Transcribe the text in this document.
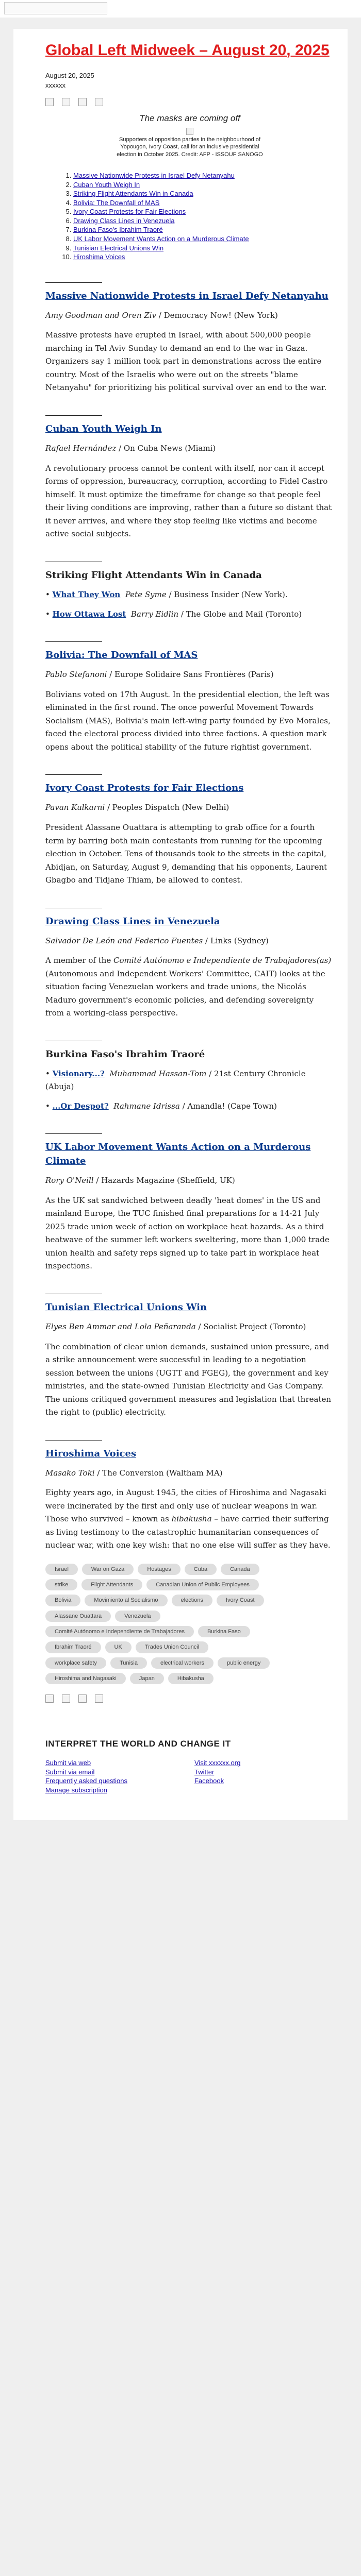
Global Left Midweek – August 20, 2025
August 20, 2025
xxxxxx
The masks are coming off
Supporters of opposition parties in the neighbourhood of Yopougon, Ivory Coast, call for an inclusive presidential election in October 2025. Credit: AFP - ISSOUF SANOGO
1. Massive Nationwide Protests in Israel Defy Netanyahu
2. Cuban Youth Weigh In
3. Striking Flight Attendants Win in Canada
4. Bolivia: The Downfall of MAS
5. Ivory Coast Protests for Fair Elections
6. Drawing Class Lines in Venezuela
7. Burkina Faso's Ibrahim Traoré
8. UK Labor Movement Wants Action on a Murderous Climate
9. Tunisian Electrical Unions Win
10. Hiroshima Voices
Massive Nationwide Protests in Israel Defy Netanyahu

Amy Goodman and Oren Ziv / Democracy Now! (New York)

Massive protests have erupted in Israel, with about 500,000 people marching in Tel Aviv Sunday to demand an end to the war in Gaza. Organizers say 1 million took part in demonstrations across the entire country. Most of the Israelis who were out on the streets "blame Netanyahu" for prioritizing his political survival over an end to the war.

Cuban Youth Weigh In

Rafael Hernández / On Cuba News (Miami)

A revolutionary process cannot be content with itself, nor can it accept forms of oppression, bureaucracy, corruption, according to Fidel Castro himself. It must optimize the timeframe for change so that people feel their living conditions are improving, rather than a future so distant that it never arrives, and where they stop feeling like victims and become active social subjects.

Striking Flight Attendants Win in Canada

• What They Won Pete Syme / Business Insider (New York).

• How Ottawa Lost Barry Eidlin / The Globe and Mail (Toronto)

Bolivia: The Downfall of MAS

Pablo Stefanoni / Europe Solidaire Sans Frontières (Paris)

Bolivians voted on 17th August. In the presidential election, the left was eliminated in the first round. The once powerful Movement Towards Socialism (MAS), Bolivia's main left-wing party founded by Evo Morales, faced the electoral process divided into three factions. A question mark opens about the political stability of the future rightist government.

Ivory Coast Protests for Fair Elections

Pavan Kulkarni / Peoples Dispatch (New Delhi)

President Alassane Ouattara is attempting to grab office for a fourth term by barring both main contestants from running for the upcoming election in October. Tens of thousands took to the streets in the capital, Abidjan, on Saturday, August 9, demanding that his opponents, Laurent Gbagbo and Tidjane Thiam, be allowed to contest.

Drawing Class Lines in Venezuela

Salvador De León and Federico Fuentes / Links (Sydney)

A member of the Comité Autónomo e Independiente de Trabajadores(as) (Autonomous and Independent Workers' Committee, CAIT) looks at the situation facing Venezuelan workers and trade unions, the Nicolás Maduro government's economic policies, and defending sovereignty from a working-class perspective.

Burkina Faso's Ibrahim Traoré

• Visionary...? Muhammad Hassan-Tom / 21st Century Chronicle (Abuja)

• ...Or Despot? Rahmane Idrissa / Amandla! (Cape Town)

UK Labor Movement Wants Action on a Murderous Climate

Rory O'Neill / Hazards Magazine (Sheffield, UK)

As the UK sat sandwiched between deadly 'heat domes' in the US and mainland Europe, the TUC finished final preparations for a 14-21 July 2025 trade union week of action on workplace heat hazards. As a third heatwave of the summer left workers sweltering, more than 1,000 trade union health and safety reps signed up to take part in workplace heat inspections.

Tunisian Electrical Unions Win

Elyes Ben Ammar and Lola Peñaranda / Socialist Project (Toronto)

The combination of clear union demands, sustained union pressure, and a strike announcement were successful in leading to a negotiation session between the unions (UGTT and FGEG), the government and key ministries, and the state-owned Tunisian Electricity and Gas Company. The unions critiqued government measures and legislation that threaten the right to (public) electricity.

Hiroshima Voices

Masako Toki / The Conversion (Waltham MA)

Eighty years ago, in August 1945, the cities of Hiroshima and Nagasaki were incinerated by the first and only use of nuclear weapons in war. Those who survived – known as hibakusha – have carried their suffering as living testimony to the catastrophic humanitarian consequences of nuclear war, with one key wish: that no one else will suffer as they have.

Israel	War on Gaza	Hostages	Cuba	Canada
strike	Flight Attendants	Canadian Union of Public Employees
Bolivia	Movimiento al Socialismo	elections	Ivory Coast
Alassane Ouattara	Venezuela
Comité Autónomo e Independiente de Trabajadores	Burkina Faso
Ibrahim Traoré	UK	Trades Union Council
workplace safety	Tunisia	electrical workers	public energy
Hiroshima and Nagasaki	Japan	Hibakusha
INTERPRET THE WORLD AND CHANGE IT
Submit via web
Submit via email
Frequently asked questions
Manage subscription
Visit xxxxxx.org
Twitter
Facebook
